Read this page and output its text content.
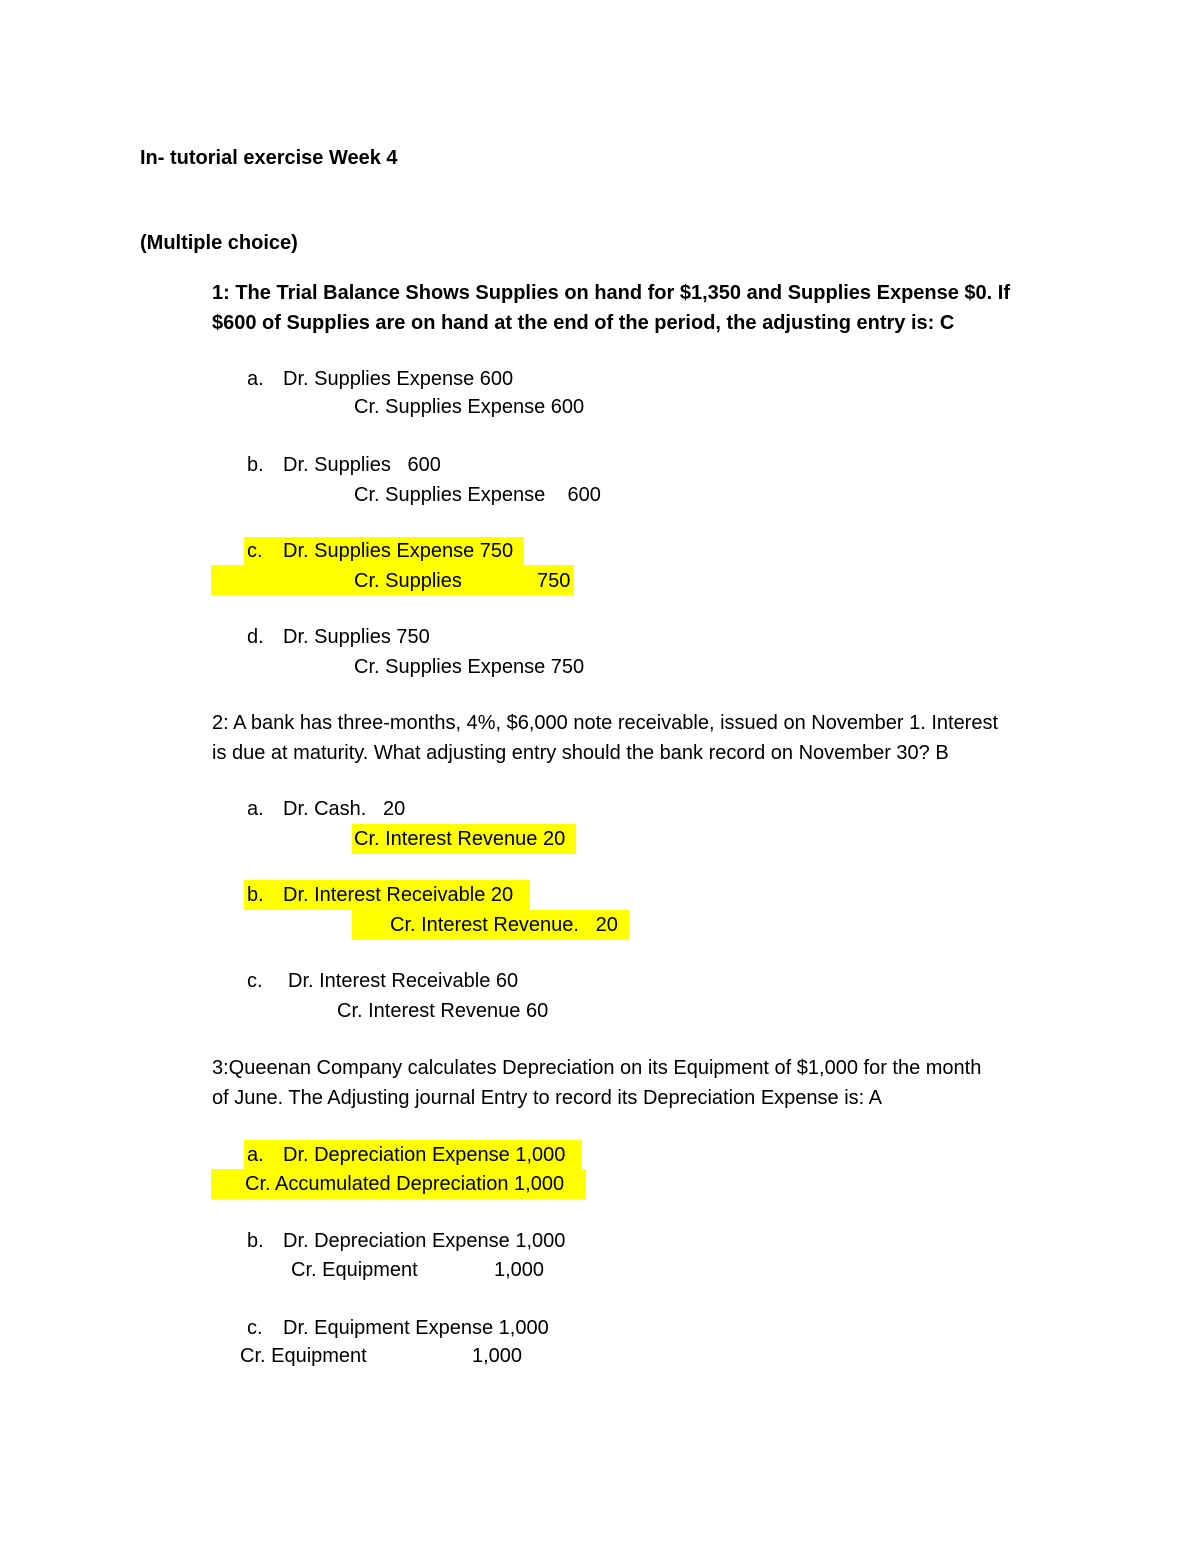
In- tutorial exercise Week 4
(Multiple choice)
1: The Trial Balance Shows Supplies on hand for $1,350 and Supplies Expense $0. If
$600 of Supplies are on hand at the end of the period, the adjusting entry is: C
a. Dr. Supplies Expense 600
Cr. Supplies Expense 600
b. Dr. Supplies   600
Cr. Supplies Expense    600
c. Dr. Supplies Expense 750
Cr. Supplies	750
d. Dr. Supplies 750
Cr. Supplies Expense 750
2: A bank has three-months, 4%, $6,000 note receivable, issued on November 1. Interest
is due at maturity. What adjusting entry should the bank record on November 30? B
a. Dr. Cash.   20
Cr. Interest Revenue 20
b. Dr. Interest Receivable 20
Cr. Interest Revenue.   20
c. Dr. Interest Receivable 60
Cr. Interest Revenue 60
3:Queenan Company calculates Depreciation on its Equipment of $1,000 for the month
of June. The Adjusting journal Entry to record its Depreciation Expense is: A
a. Dr. Depreciation Expense 1,000
Cr. Accumulated Depreciation 1,000
b. Dr. Depreciation Expense 1,000
Cr. Equipment	1,000
c. Dr. Equipment Expense 1,000
Cr. Equipment	1,000
